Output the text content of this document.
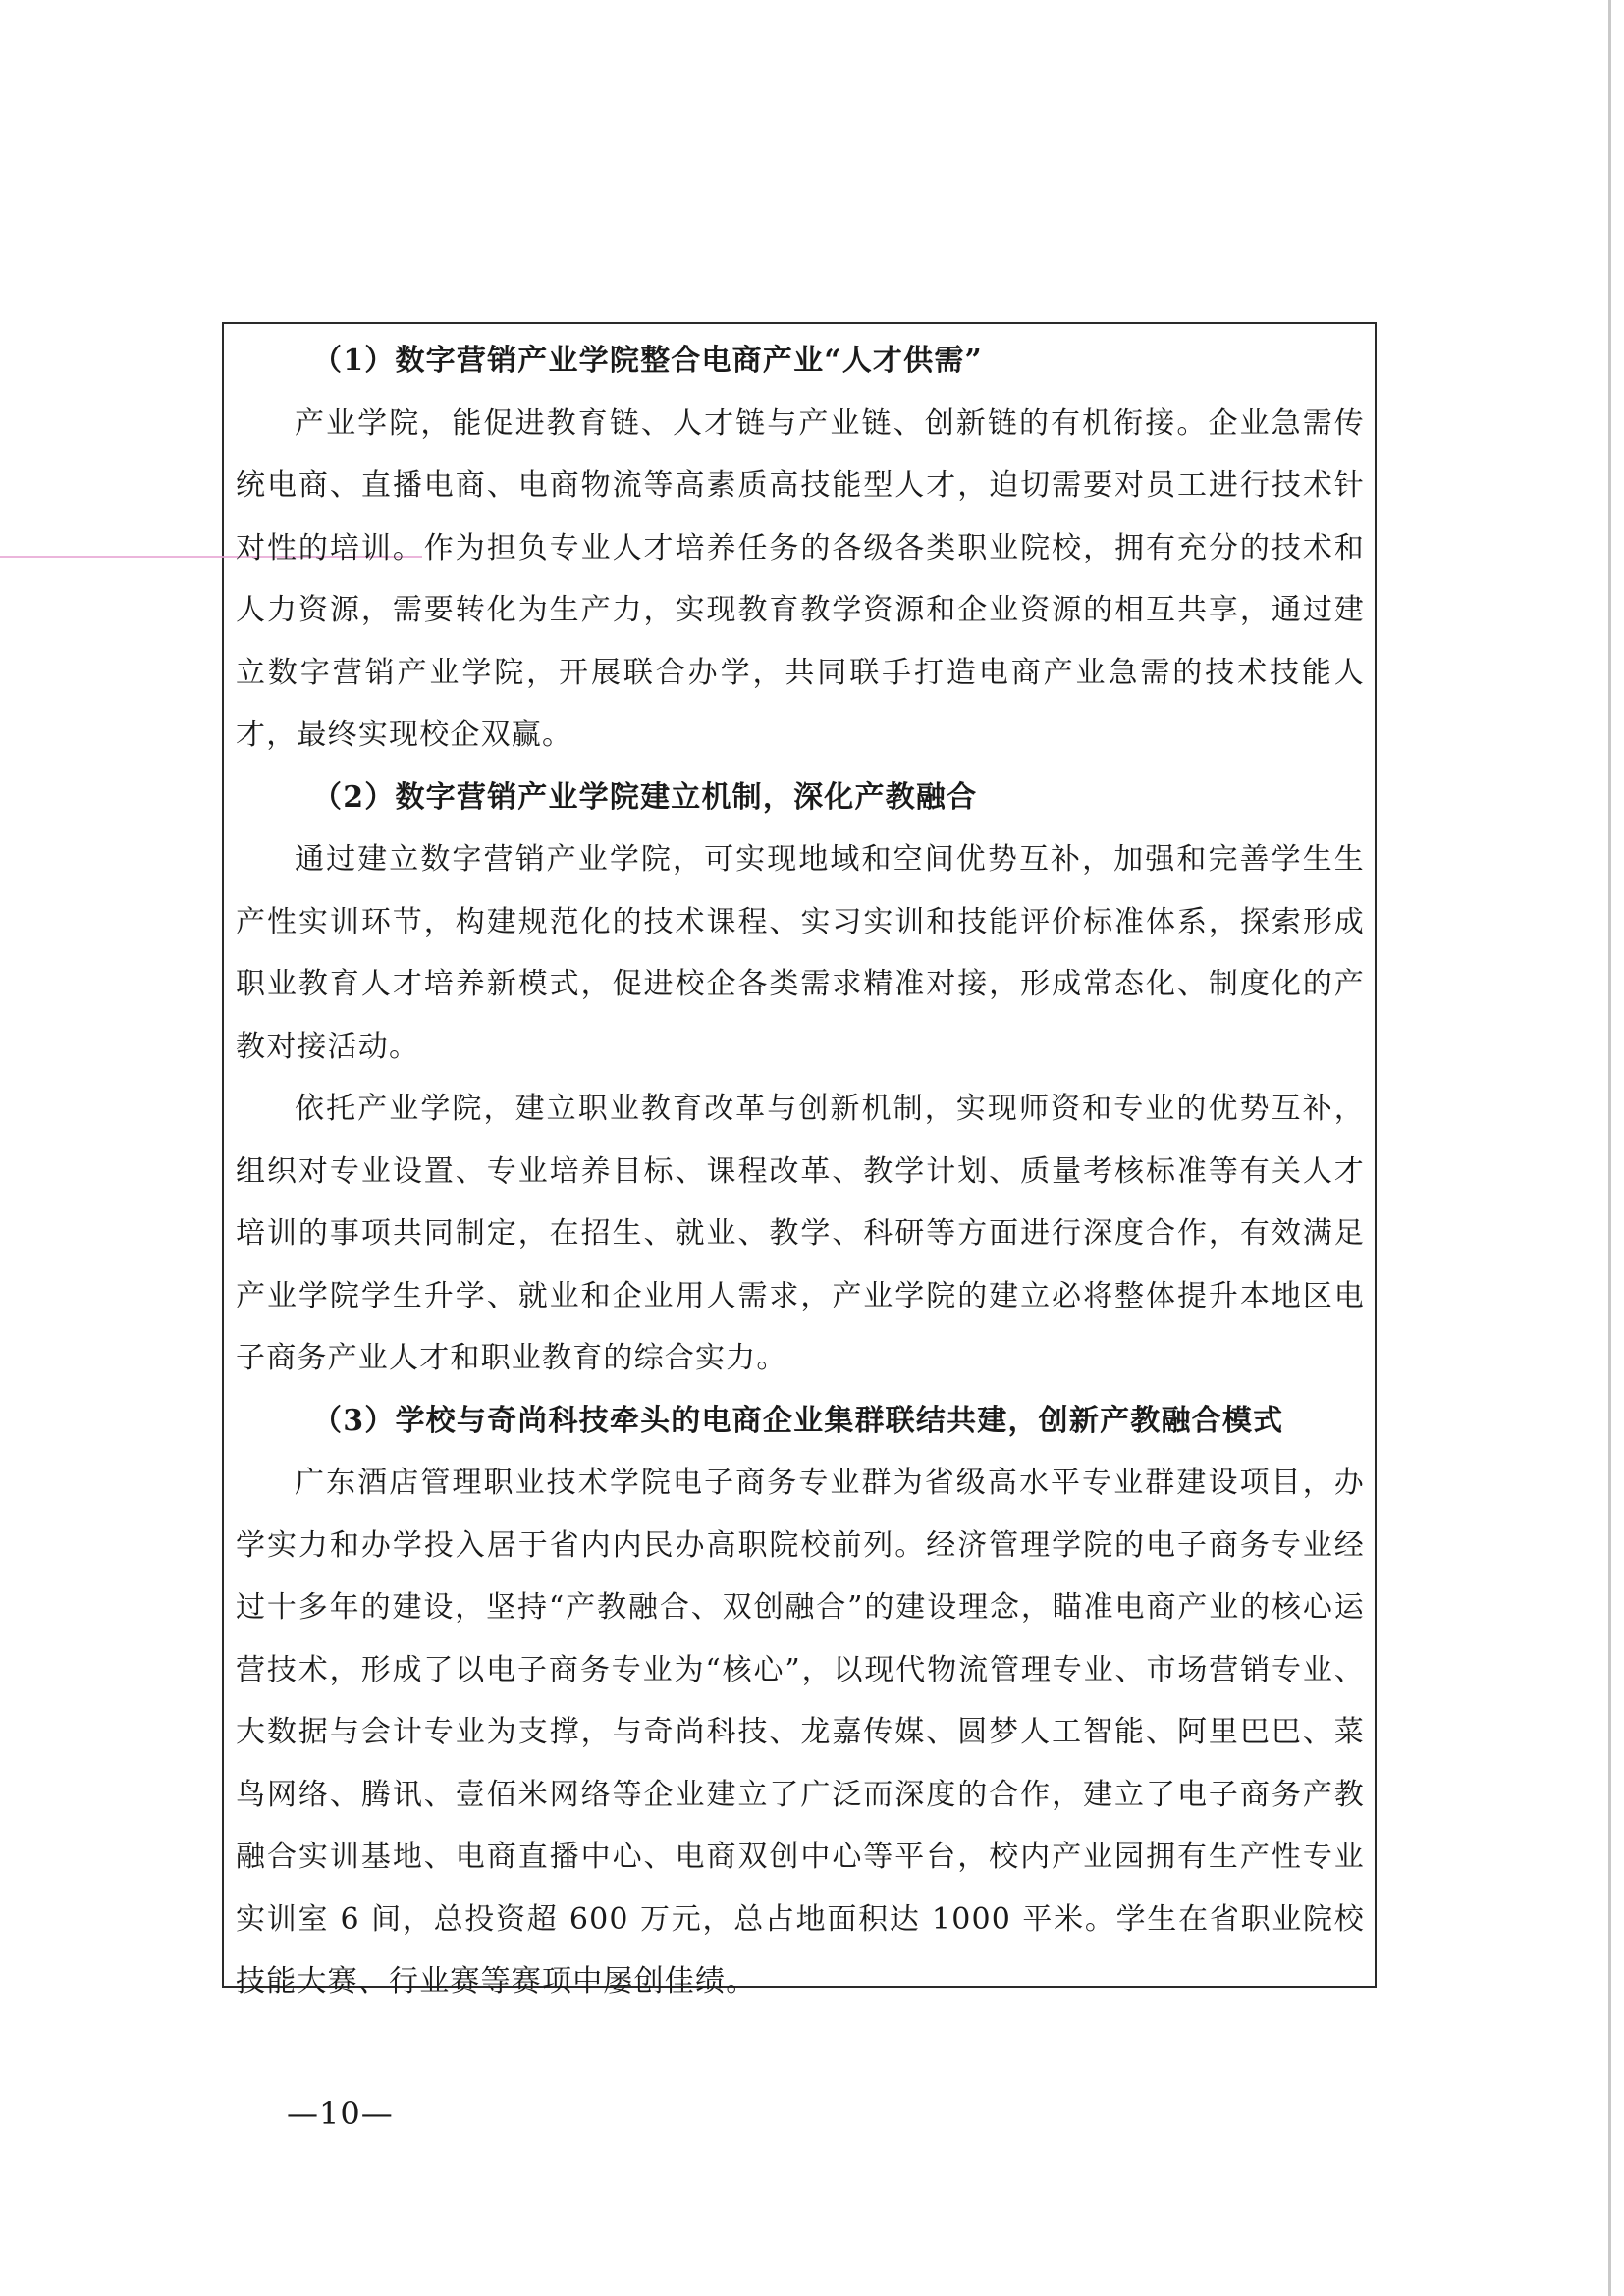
（1）数字营销产业学院整合电商产业“人才供需”

产业学院，能促进教育链、人才链与产业链、创新链的有机衔接。企业急需传统电商、直播电商、电商物流等高素质高技能型人才，迫切需要对员工进行技术针对性的培训。作为担负专业人才培养任务的各级各类职业院校，拥有充分的技术和人力资源，需要转化为生产力，实现教育教学资源和企业资源的相互共享，通过建立数字营销产业学院，开展联合办学，共同联手打造电商产业急需的技术技能人才，最终实现校企双赢。

（2）数字营销产业学院建立机制，深化产教融合

通过建立数字营销产业学院，可实现地域和空间优势互补，加强和完善学生生产性实训环节，构建规范化的技术课程、实习实训和技能评价标准体系，探索形成职业教育人才培养新模式，促进校企各类需求精准对接，形成常态化、制度化的产教对接活动。

依托产业学院，建立职业教育改革与创新机制，实现师资和专业的优势互补，组织对专业设置、专业培养目标、课程改革、教学计划、质量考核标准等有关人才培训的事项共同制定，在招生、就业、教学、科研等方面进行深度合作，有效满足产业学院学生升学、就业和企业用人需求，产业学院的建立必将整体提升本地区电子商务产业人才和职业教育的综合实力。

（3）学校与奇尚科技牵头的电商企业集群联结共建，创新产教融合模式

广东酒店管理职业技术学院电子商务专业群为省级高水平专业群建设项目，办学实力和办学投入居于省内内民办高职院校前列。经济管理学院的电子商务专业经过十多年的建设，坚持“产教融合、双创融合”的建设理念，瞄准电商产业的核心运营技术，形成了以电子商务专业为“核心”，以现代物流管理专业、市场营销专业、大数据与会计专业为支撑，与奇尚科技、龙嘉传媒、圆梦人工智能、阿里巴巴、菜鸟网络、腾讯、壹佰米网络等企业建立了广泛而深度的合作，建立了电子商务产教融合实训基地、电商直播中心、电商双创中心等平台，校内产业园拥有生产性专业实训室 6 间，总投资超 600 万元，总占地面积达 1000 平米。学生在省职业院校技能大赛、行业赛等赛项中屡创佳绩。

—10—
